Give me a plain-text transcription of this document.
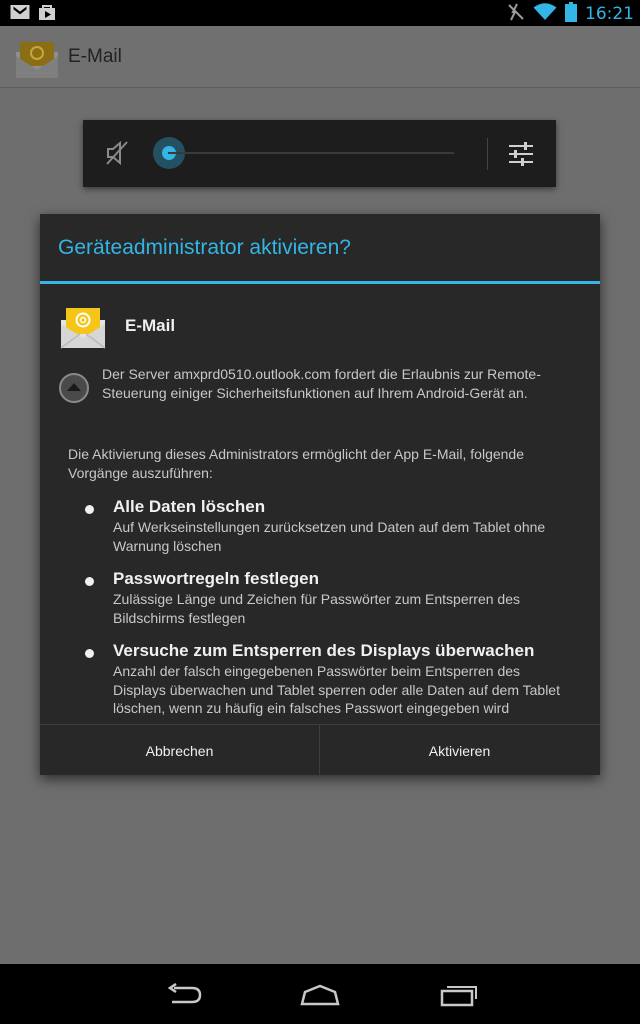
16:21
E-Mail
Geräteadministrator aktivieren?
E-Mail
Der Server amxprd0510.outlook.com fordert die Erlaubnis zur Remote-Steuerung einiger Sicherheitsfunktionen auf Ihrem Android-Gerät an.
Die Aktivierung dieses Administrators ermöglicht der App E-Mail, folgende Vorgänge auszuführen:
Alle Daten löschen
Auf Werkseinstellungen zurücksetzen und Daten auf dem Tablet ohne Warnung löschen
Passwortregeln festlegen
Zulässige Länge und Zeichen für Passwörter zum Entsperren des Bildschirms festlegen
Versuche zum Entsperren des Displays überwachen
Anzahl der falsch eingegebenen Passwörter beim Entsperren des Displays überwachen und Tablet sperren oder alle Daten auf dem Tablet löschen, wenn zu häufig ein falsches Passwort eingegeben wird
Abbrechen	Aktivieren
